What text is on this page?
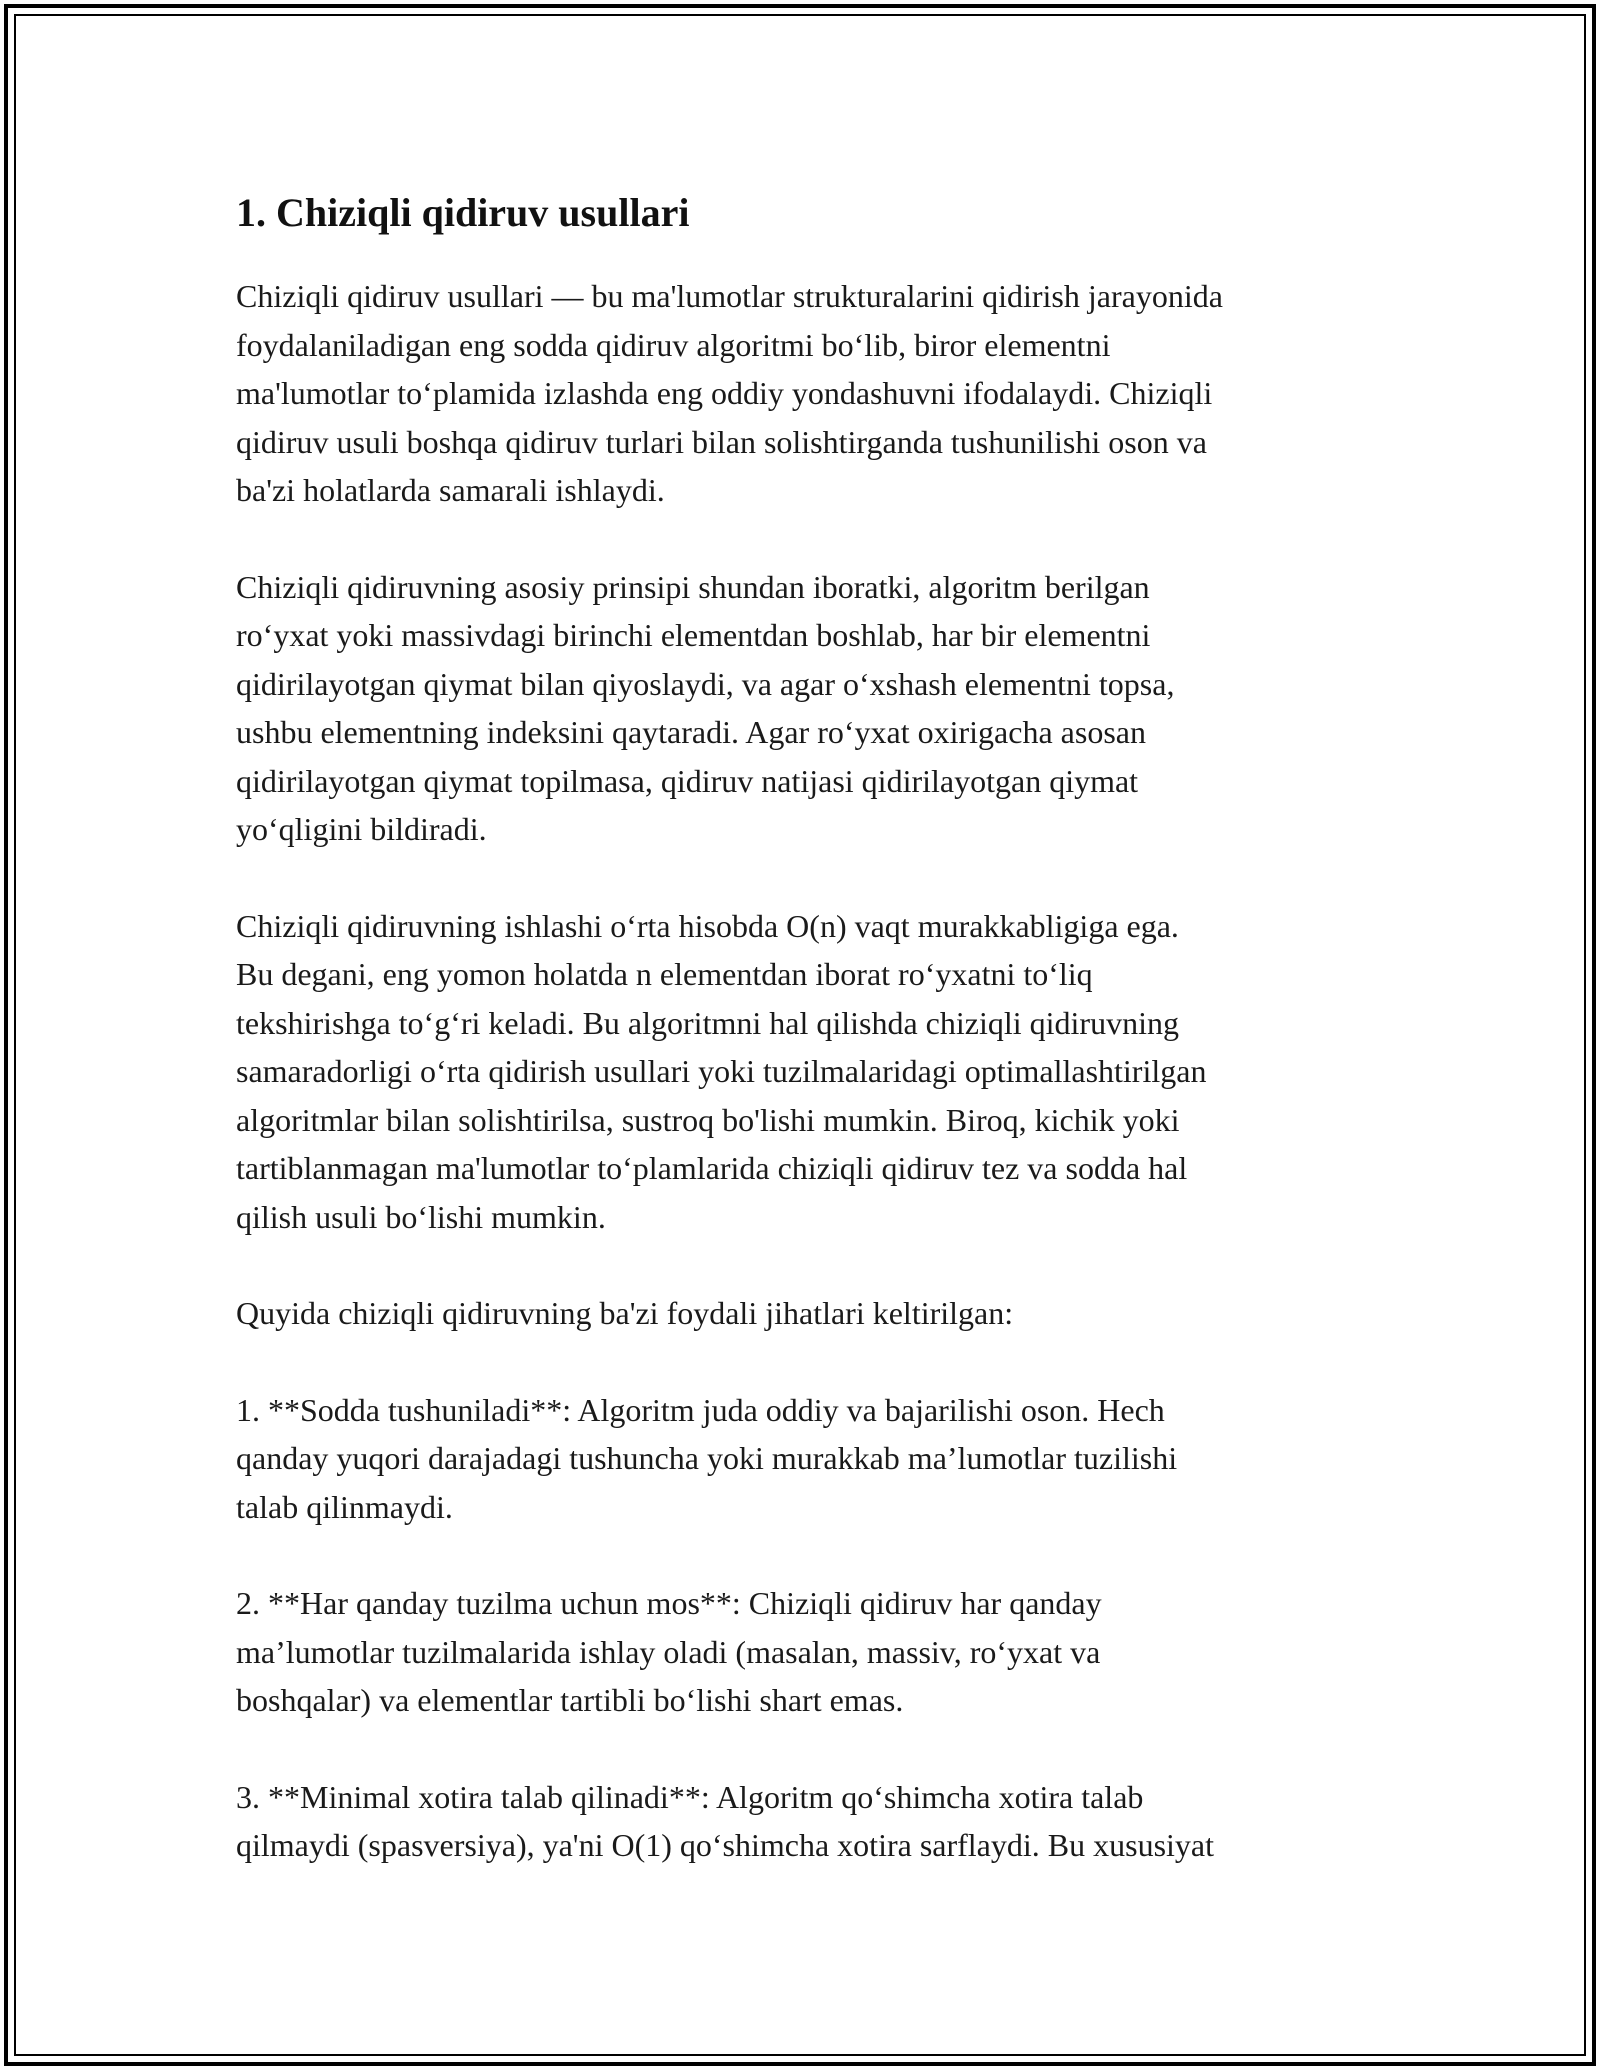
1. Chiziqli qidiruv usullari

Chiziqli qidiruv usullari — bu ma'lumotlar strukturalarini qidirish jarayonida
foydalaniladigan eng sodda qidiruv algoritmi bo‘lib, biror elementni
ma'lumotlar to‘plamida izlashda eng oddiy yondashuvni ifodalaydi. Chiziqli
qidiruv usuli boshqa qidiruv turlari bilan solishtirganda tushunilishi oson va
ba'zi holatlarda samarali ishlaydi.

Chiziqli qidiruvning asosiy prinsipi shundan iboratki, algoritm berilgan
ro‘yxat yoki massivdagi birinchi elementdan boshlab, har bir elementni
qidirilayotgan qiymat bilan qiyoslaydi, va agar o‘xshash elementni topsa,
ushbu elementning indeksini qaytaradi. Agar ro‘yxat oxirigacha asosan
qidirilayotgan qiymat topilmasa, qidiruv natijasi qidirilayotgan qiymat
yo‘qligini bildiradi.

Chiziqli qidiruvning ishlashi o‘rta hisobda O(n) vaqt murakkabligiga ega.
Bu degani, eng yomon holatda n elementdan iborat ro‘yxatni to‘liq
tekshirishga to‘g‘ri keladi. Bu algoritmni hal qilishda chiziqli qidiruvning
samaradorligi o‘rta qidirish usullari yoki tuzilmalaridagi optimallashtirilgan
algoritmlar bilan solishtirilsa, sustroq bo'lishi mumkin. Biroq, kichik yoki
tartiblanmagan ma'lumotlar to‘plamlarida chiziqli qidiruv tez va sodda hal
qilish usuli bo‘lishi mumkin.

Quyida chiziqli qidiruvning ba'zi foydali jihatlari keltirilgan:

1. **Sodda tushuniladi**: Algoritm juda oddiy va bajarilishi oson. Hech
qanday yuqori darajadagi tushuncha yoki murakkab ma’lumotlar tuzilishi
talab qilinmaydi.

2. **Har qanday tuzilma uchun mos**: Chiziqli qidiruv har qanday
ma’lumotlar tuzilmalarida ishlay oladi (masalan, massiv, ro‘yxat va
boshqalar) va elementlar tartibli bo‘lishi shart emas.

3. **Minimal xotira talab qilinadi**: Algoritm qo‘shimcha xotira talab
qilmaydi (spasversiya), ya'ni O(1) qo‘shimcha xotira sarflaydi. Bu xususiyat
